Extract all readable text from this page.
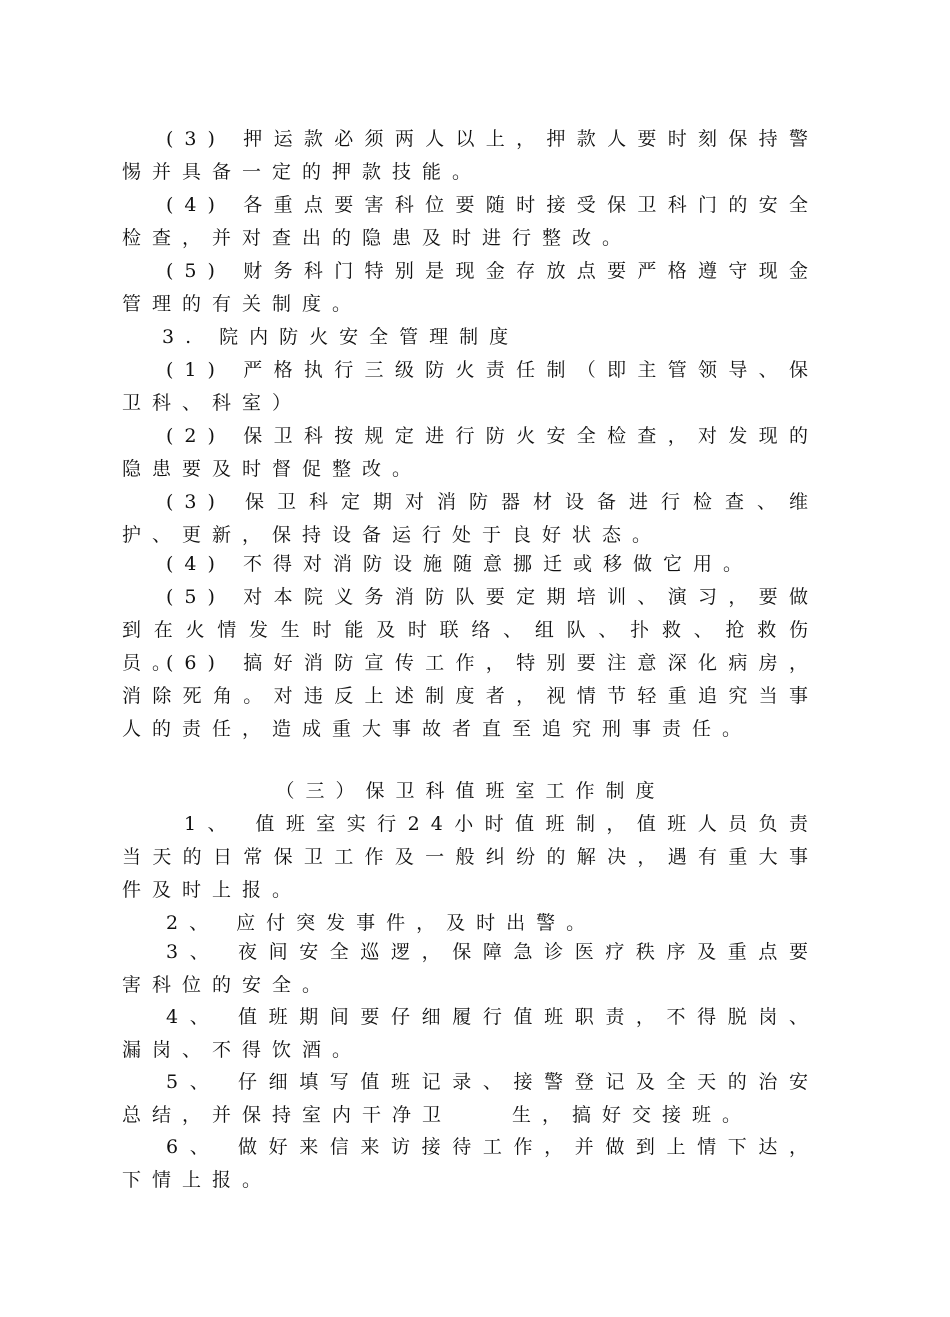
(3) 押运款必须两人以上，押款人要时刻保持警惕并具备一定的押款技能。

(4) 各重点要害科位要随时接受保卫科门的安全检查，并对查出的隐患及时进行整改。

(5) 财务科门特别是现金存放点要严格遵守现金管理的有关制度。

3. 院内防火安全管理制度

(1) 严格执行三级防火责任制（即主管领导、保卫科、科室）

(2) 保卫科按规定进行防火安全检查，对发现的隐患要及时督促整改。

(3) 保卫科定期对消防器材设备进行检查、维护、更新，保持设备运行处于良好状态。

(4) 不得对消防设施随意挪迁或移做它用。

(5) 对本院义务消防队要定期培训、演习，要做到在火情发生时能及时联络、组队、扑救、抢救伤员。

(6) 搞好消防宣传工作，特别要注意深化病房，消除死角。对违反上述制度者，视情节轻重追究当事人的责任，造成重大事故者直至追究刑事责任。

（三）保卫科值班室工作制度

1、 值班室实行24小时值班制，值班人员负责当天的日常保卫工作及一般纠纷的解决，遇有重大事件及时上报。

2、 应付突发事件，及时出警。

3、 夜间安全巡逻，保障急诊医疗秩序及重点要害科位的安全。

4、 值班期间要仔细履行值班职责，不得脱岗、漏岗、不得饮酒。

5、 仔细填写值班记录、接警登记及全天的治安总结，并保持室内干净卫　　生，搞好交接班。

6、 做好来信来访接待工作，并做到上情下达，下情上报。
